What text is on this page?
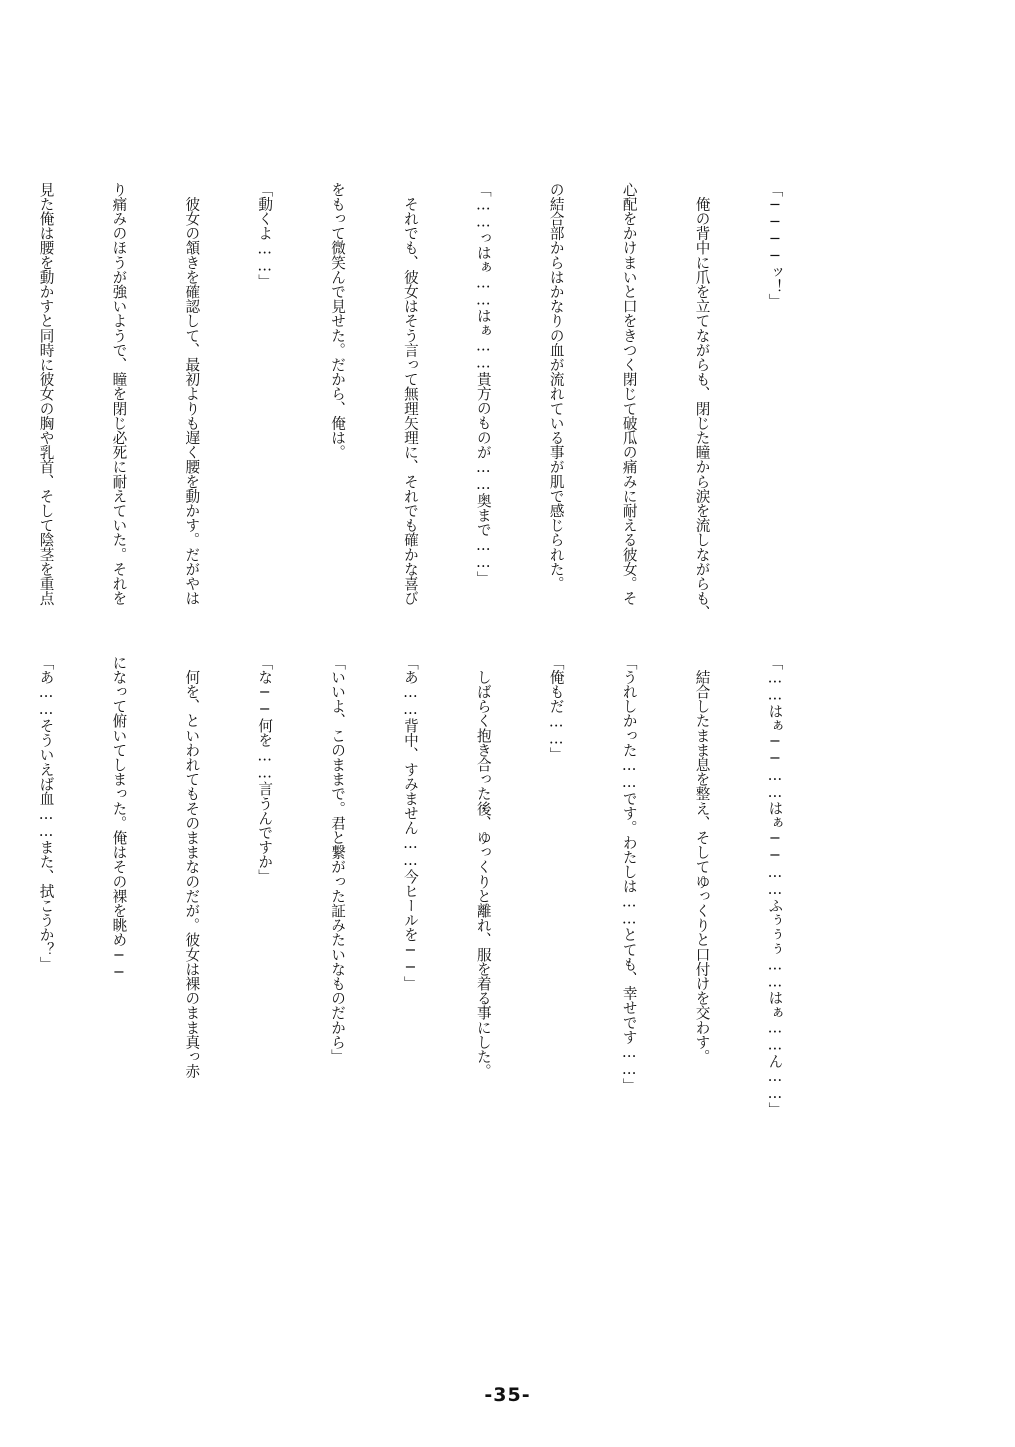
「────ッ！」

　俺の背中に爪を立てながらも、閉じた瞳から涙を流しながらも、

心配をかけまいと口をきつく閉じて破瓜の痛みに耐える彼女。そ

の結合部からはかなりの血が流れている事が肌で感じられた。

「……っはぁ……はぁ……貴方のものが……奥まで……」

　それでも、彼女はそう言って無理矢理に、それでも確かな喜び

をもって微笑んで見せた。だから、俺は。

「動くよ……」

　彼女の頷きを確認して、最初よりも遅く腰を動かす。だがやは

り痛みのほうが強いようで、瞳を閉じ必死に耐えていた。それを

見た俺は腰を動かすと同時に彼女の胸や乳首、そして陰茎を重点

「……はぁ──……はぁ──……ふぅぅぅ……はぁ……ん……」

　結合したまま息を整え、そしてゆっくりと口付けを交わす。

「うれしかった……です。わたしは……とても、幸せです……」

「俺もだ……」

　しばらく抱き合った後、ゆっくりと離れ、服を着る事にした。

「あ……背中、すみません……今ヒールを──」

「いいよ、このままで。君と繋がった証みたいなものだから」

「な──何を……言うんですか」

　何を、といわれてもそのままなのだが。彼女は裸のまま真っ赤

になって俯いてしまった。俺はその裸を眺め──

「あ……そういえば血……また、拭こうか？」

-35-
